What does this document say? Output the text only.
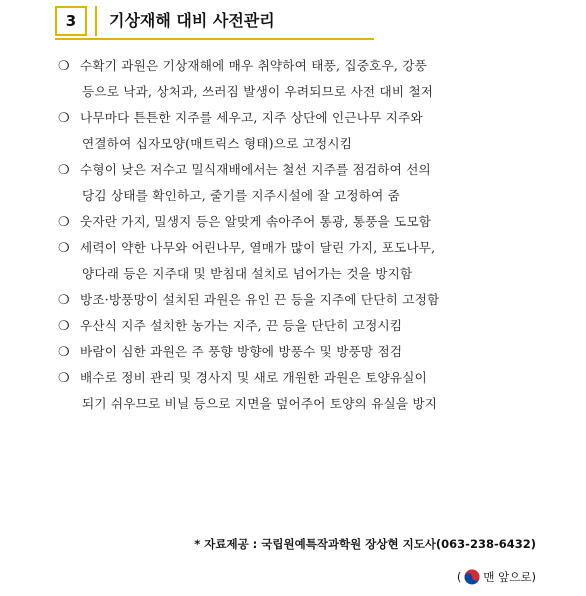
3	기상재해 대비 사전관리
❍ 수확기 과원은 기상재해에 매우 취약하여 태풍, 집중호우, 강풍
등으로 낙과, 상처과, 쓰러짐 발생이 우려되므로 사전 대비 철저
❍ 나무마다 튼튼한 지주를 세우고, 지주 상단에 인근나무 지주와
연결하여 십자모양(매트릭스 형태)으로 고정시킴
❍ 수형이 낮은 저수고 밀식재배에서는 철선 지주를 점검하여 선의
당김 상태를 확인하고, 줄기를 지주시설에 잘 고정하여 줌
❍ 웃자란 가지, 밀생지 등은 알맞게 솎아주어 통광, 통풍을 도모함
❍ 세력이 약한 나무와 어린나무, 열매가 많이 달린 가지, 포도나무,
양다래 등은 지주대 및 받침대 설치로 넘어가는 것을 방지함
❍ 방조·방풍망이 설치된 과원은 유인 끈 등을 지주에 단단히 고정함
❍ 우산식 지주 설치한 농가는 지주, 끈 등을 단단히 고정시킴
❍ 바람이 심한 과원은 주 풍향 방향에 방풍수 및 방풍망 점검
❍ 배수로 정비 관리 및 경사지 및 새로 개원한 과원은 토양유실이
되기 쉬우므로 비닐 등으로 지면을 덮어주어 토양의 유실을 방지
* 자료제공 : 국립원예특작과학원 장상현 지도사(063-238-6432)
( 맨 앞으로)
